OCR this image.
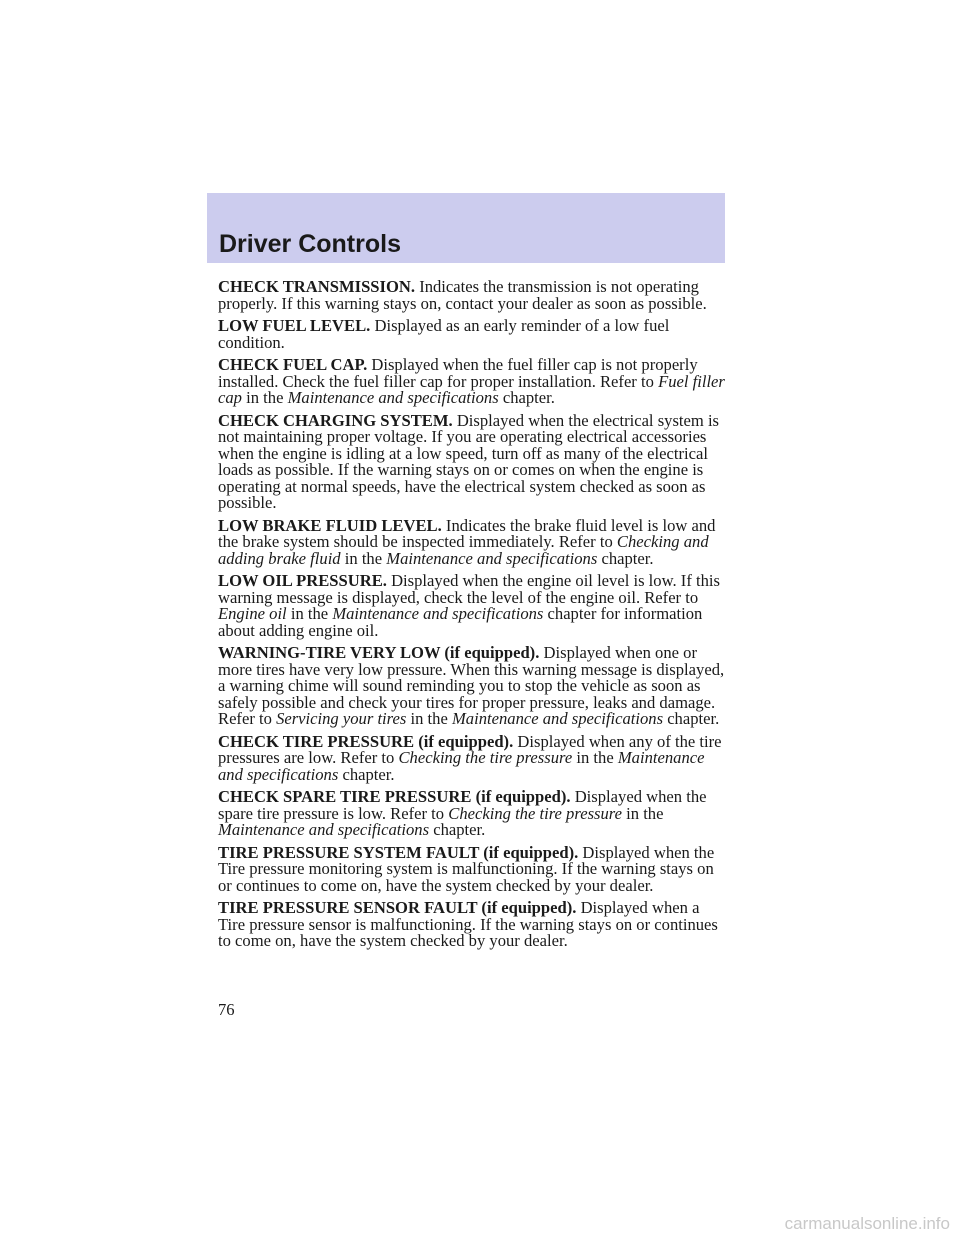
Driver Controls

CHECK TRANSMISSION. Indicates the transmission is not operating properly. If this warning stays on, contact your dealer as soon as possible.

LOW FUEL LEVEL. Displayed as an early reminder of a low fuel condition.

CHECK FUEL CAP. Displayed when the fuel filler cap is not properly installed. Check the fuel filler cap for proper installation. Refer to Fuel filler cap in the Maintenance and specifications chapter.

CHECK CHARGING SYSTEM. Displayed when the electrical system is not maintaining proper voltage. If you are operating electrical accessories when the engine is idling at a low speed, turn off as many of the electrical loads as possible. If the warning stays on or comes on when the engine is operating at normal speeds, have the electrical system checked as soon as possible.

LOW BRAKE FLUID LEVEL. Indicates the brake fluid level is low and the brake system should be inspected immediately. Refer to Checking and adding brake fluid in the Maintenance and specifications chapter.

LOW OIL PRESSURE. Displayed when the engine oil level is low. If this warning message is displayed, check the level of the engine oil. Refer to Engine oil in the Maintenance and specifications chapter for information about adding engine oil.

WARNING-TIRE VERY LOW (if equipped). Displayed when one or more tires have very low pressure. When this warning message is displayed, a warning chime will sound reminding you to stop the vehicle as soon as safely possible and check your tires for proper pressure, leaks and damage. Refer to Servicing your tires in the Maintenance and specifications chapter.

CHECK TIRE PRESSURE (if equipped). Displayed when any of the tire pressures are low. Refer to Checking the tire pressure in the Maintenance and specifications chapter.

CHECK SPARE TIRE PRESSURE (if equipped). Displayed when the spare tire pressure is low. Refer to Checking the tire pressure in the Maintenance and specifications chapter.

TIRE PRESSURE SYSTEM FAULT (if equipped). Displayed when the Tire pressure monitoring system is malfunctioning. If the warning stays on or continues to come on, have the system checked by your dealer.

TIRE PRESSURE SENSOR FAULT (if equipped). Displayed when a Tire pressure sensor is malfunctioning. If the warning stays on or continues to come on, have the system checked by your dealer.

76
carmanualsonline.info
